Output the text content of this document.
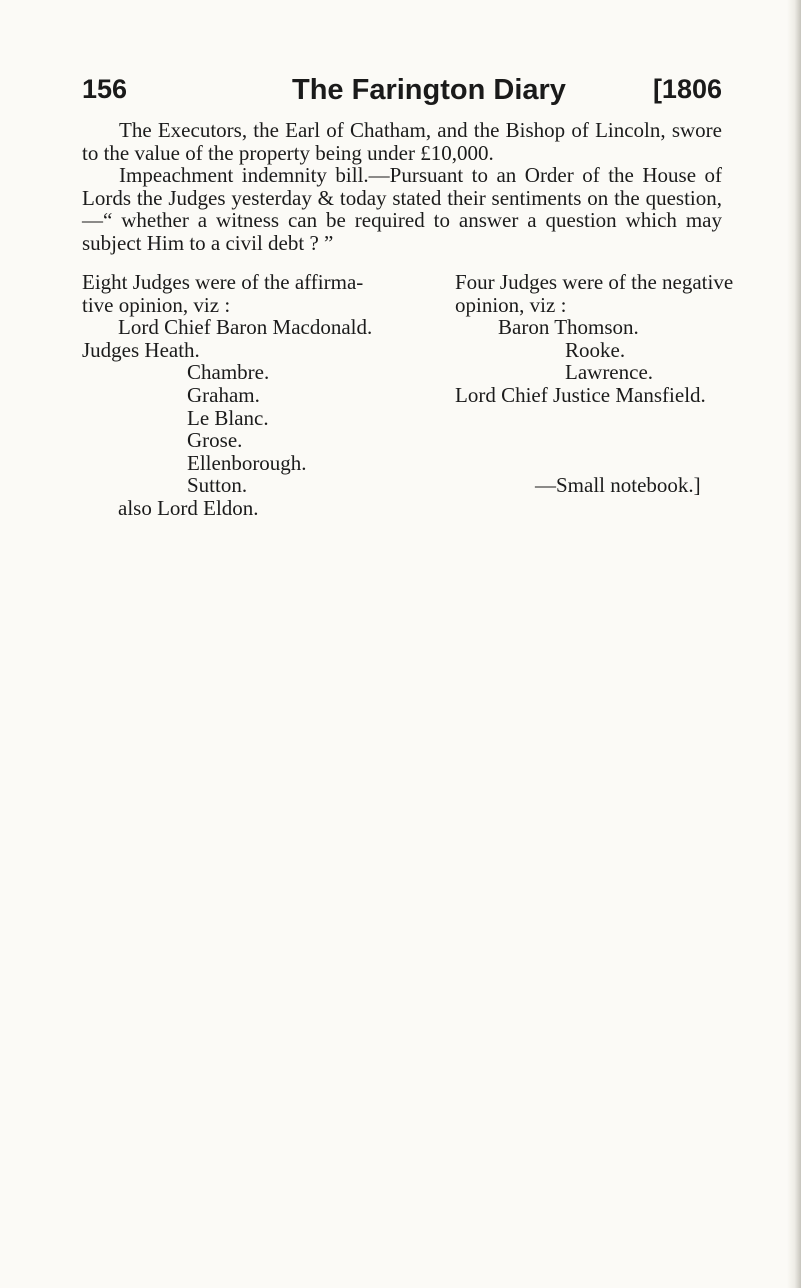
156	The Farington Diary	[1806

The Executors, the Earl of Chatham, and the Bishop of Lincoln, swore to the value of the property being under £10,000.

Impeachment indemnity bill.—Pursuant to an Order of the House of Lords the Judges yesterday & today stated their sentiments on the question,—“ whether a witness can be required to answer a question which may subject Him to a civil debt ? ”

Eight Judges were of the affirma-
tive opinion, viz :
Lord Chief Baron Macdonald.
Judges Heath.
Chambre.
Graham.
Le Blanc.
Grose.
Ellenborough.
Sutton.
also Lord Eldon.
Four Judges were of the negative
opinion, viz :
Baron Thomson.
Rooke.
Lawrence.
Lord Chief Justice Mansfield.
—Small notebook.]
